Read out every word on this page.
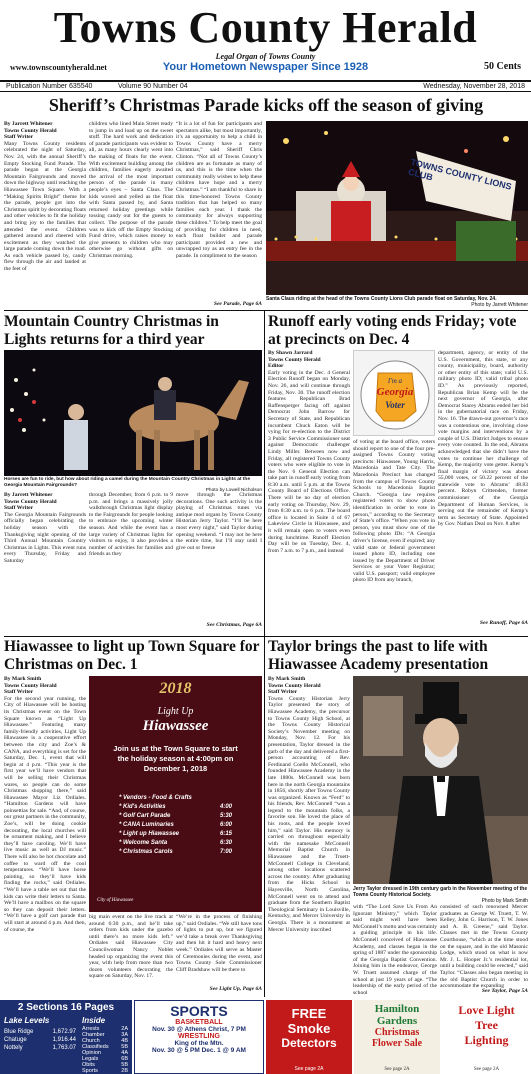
Towns County Herald
Legal Organ of Towns County
www.townscountyherald.net	Your Hometown Newspaper Since 1928	50 Cents
Publication Number 635540	Volume 90 Number 04	Wednesday, November 28, 2018
Sheriff’s Christmas Parade kicks off the season of giving
By Jarrett Whitener
Towns County Herald
Staff Writer
Many Towns County residents celebrated the night of Saturday, Nov. 24, with the annual Sheriff’s Empty Stocking Fund Parade. The parade began at the Georgia Mountain Fairgrounds and moved down the highway until reaching the Hiawassee Town Square. With a “Making Spirits Bright” theme for the parade, people got into the Christmas spirit by decorating floats and other vehicles to fit the holiday and bring joy to the families that attended the event. Children gathered around and cheered with excitement as they watched the large parade coming down the road. As each vehicle passed by, candy flew through the air and landed at the feet of
children who lined Main Street ready to jump in and load up on the sweet stuff. The hard work and dedication of parade participants was evident to all, as many hours clearly went into the making of floats for the event. With excitement building among the children, families eagerly awaited the arrival of the most important person of the parade in many people’s eyes – Santa Claus. The kids waved and yelled as the float with Santa passed by, and Santa returned holiday greetings while tossing candy out for the guests to collect. The purpose of the parade was to kick off the Empty Stocking Fund drive, which raises money to give presents to children who may otherwise go without gifts on Christmas morning.
“It is a lot of fun for participants and spectators alike, but most importantly, it’s an opportunity to help a child in Towns County have a merry Christmas,” said Sheriff Chris Clinton. “Not all of Towns County’s children are as fortunate as many of us, and this is the time when the community really wishes to help these children have hope and a merry Christmas.” “I am thankful to share in this time-honored Towns County tradition that has helped so many families each year. I thank the community for always supporting these children.” To help meet the goal of providing for children in need, each float builder and parade participant provided a new and unwrapped toy as an entry fee in the parade. In compliment to the season
See Parade, Page 6A
TOWNS COUNTY LIONS CLUB
Santa Claus riding at the head of the Towns County Lions Club parade float on Saturday, Nov. 24.
Photo by Jarrett Whitener
Mountain Country Christmas in Lights returns for a third year
Horses are fun to ride, but how about riding a camel during the Mountain Country Christmas in Lights at the Georgia Mountain Fairgrounds?
Photo by Lowell Nicholson
By Jarrett Whitener
Towns County Herald
Staff Writer
The Georgia Mountain Fairgrounds officially began celebrating the holiday season with the Thanksgiving night opening of the Third Annual Mountain Country Christmas in Lights. This event runs every Thursday, Friday and Saturday
through December, from 6 p.m. to 9 p.m. and brings a massively jolly walkthrough Christmas light display to the Fairgrounds for people looking to embrace the upcoming winter season. And while the event has a large variety of Christmas lights for visitors to enjoy, it also provides a number of activities for families and friends as they
move through the Christmas decorations. One such activity is the playing of Christmas tunes via antique mod organs by Towns County Historian Jerry Taylor. “I’ll be here most every night,” said Taylor during opening weekend. “I may not be here the entire time, but I’ll stay until I give out or freeze
See Christmas, Page 6A
Runoff early voting ends Friday; vote at precincts on Dec. 4
By Shawn Jarrard
Towns County Herald
Editor
Early voting in the Dec. 4 General Election Runoff began on Monday, Nov. 26, and will continue through Friday, Nov. 30. The runoff election features Republican Brad Raffensperger facing off against Democrat John Barrow for Secretary of State, and Republican incumbent Chuck Eaton will be vying for re-election to the District 3 Public Service Commissioner seat against Democratic challenger Lindy Miller. Between now and Friday, all registered Towns County voters who were eligible to vote in the Nov. 6 General Election can take part in runoff early voting from 8:30 a.m. until 5 p.m. at the Towns County Board of Elections Office. There will be no day of election early voting on Thursday, Nov. 29, from 8:30 a.m. to 6 p.m. The board office is located in Suite 4 of 67 Lakeview Circle in Hiawassee, and it will remain open to voters even during lunchtime. Runoff Election Day will be on Tuesday, Dec. 4, from 7 a.m. to 7 p.m., and instead
I'm a
Georgia
Voter
of voting at the board office, voters should report to one of the four pre-assigned Towns County voting precincts: Hiawassee, Young Harris, Macedonia and Tate City. The Macedonia Precinct has changed from the campus of Towns County Schools to Macedonia Baptist Church. “Georgia law requires registered voters to show photo identification in order to vote in person,” according to the Secretary of State’s office. “When you vote in person, you must show one of the following photo IDs: “A Georgia driver’s license, even if expired; any valid state or federal government issued photo ID, including one issued by the Department of Driver Services or your Voter Registrar; valid U.S. passport; valid employee photo ID from any branch,
department, agency, or entity of the U.S. Government, this state, or any county, municipality, board, authority or other entity of this state; valid U.S. military photo ID; valid tribal photo ID.” As previously reported, Republican Brian Kemp will be the next governor of Georgia, after Democrat Stacey Abrams ended her bid in the gubernatorial race on Friday, Nov. 16. The drawn-out governor’s race was a contentious one, involving close vote margins and interventions by a couple of U.S. District Judges to ensure every vote counted. In the end, Abrams acknowledged that she didn’t have the votes to continue her challenge of Kemp, the majority vote getter. Kemp’s final margin of victory was about 55,000 votes, or 50.22 percent of the statewide vote to Abrams’ 48.83 percent. Robyn Crittenden, former commissioner of the Georgia Department of Human Services, is serving out the remainder of Kemp’s term as Secretary of State. Appointed by Gov. Nathan Deal on Nov. 8 after
See Runoff, Page 6A
Hiawassee to light up Town Square for Christmas on Dec. 1
By Mark Smith
Towns County Herald
Staff Writer
For the second year running, the City of Hiawassee will be hosting its Christmas event on the Town Square known as “Light Up Hiawassee.” Featuring many family-friendly activities, Light Up Hiawassee is a cooperative effort between the city and Zoe’s & CANA, and everything is set for the Saturday, Dec. 1, event that will begin at 4 p.m. “This year is the first year we’ll have vendors that will be selling their Christmas wares, so people can do some Christmas shopping there,” said Hiawassee Mayor Liz Ordiales. “Hamilton Gardens will have poinsettias for sale. “And, of course, our great partners in the community, Zoe’s, will be doing cookie decorating, the local churches will be ornament making, and I believe they’ll have caroling. We’ll have live music as well as DJ music.” There will also be hot chocolate and coffee to ward off the cool temperatures. “We’ll have horse painting, so they’ll have kids finding the rocks,” said Ordiales. “We’ll have a table set out that the kids can write their letters to Santa. We’ll have a mailbox on the square so they can deposit their letters. “We’ll have a golf cart parade that will start at around 4 p.m. And then, of course, the
2018
Light Up
Hiawassee
Join us at the Town Square to start the holiday season at 4:00pm on December 1, 2018
* Vendors - Food & Crafts
* Kid's Activities	4:00
* Golf Cart Parade	5:30
* CANA Luminaries	6:00
* Light up Hiawassee	6:15
* Welcome Santa	6:30
* Christmas Carols	7:00
City of Hiawassee
big main event on the live track at around 6:30 p.m., and he’ll take orders from kids under the gazebo until there’s no more kids left.” Ordiales said Hiawassee City Councilwoman Nancy Noblet headed up organizing the event this year, with help from more than two dozen volunteers decorating the square on Saturday, Nov. 17.
“We’re in the process of finishing up,” said Ordiales. “We still have tons of lights to put up, but we figured we’d take a break over Thanksgiving and then hit it hard and heavy next week.” Ordiales will serve as Master of Ceremonies during the event, and Towns County Sole Commissioner Cliff Bradshaw will be there to
See Light Up, Page 6A
Taylor brings the past to life with Hiawassee Academy presentation
By Mark Smith
Towns County Herald
Staff Writer
Towns County Historian Jerry Taylor presented the story of Hiawassee Academy, the precursor to Towns County High School, at the Towns County Historical Society’s November meeting on Monday, Nov. 12. For his presentation, Taylor dressed in the garb of the day and delivered a first-person accounting of Rev. Ferdinand Coello McConnell, who founded Hiawassee Academy in the late 1880s. McConnell was born here in the north Georgia mountains in 1856, shortly after Towns County was organized. Known as “Ferd” to his friends, Rev. McConnell “was a legend to the mountain folks, a favorite son. He loved the place of his roots, and the people loved him,” said Taylor. His memory is carried on throughout especially with the namesake McConnell Memorial Baptist Church in Hiawassee and the Truett-McConnell College in Cleveland, among other locations scattered across the country. After graduating from the Hicks School in Hayesville, North Carolina, McConnell went on to attend and graduate from the Southern Baptist Theological Seminary in Louisville, Kentucky, and Mercer University in Georgia. There is a monument at Mercer University inscribed
Jerry Taylor dressed in 19th century garb in the November meeting of the Towns County Historical Society.
Photo by Mark Smith
with “The Lord Save Us From An Ignorant Ministry,” which Taylor said might well have been McConnell’s motto and was certainly a guiding principle in his life. McConnell conceived of Hiawassee Academy, and classes began in the spring of 1887 under the sponsorship of the Georgia Baptist Convention. Joining him in the endeavor, George W. Truett assumed charge of the school at just 19 years of age. “The leadership of the early period of the school
consisted of such renowned Mercer graduates as George W. Truett, T. W. Kelley, John G. Harrison, T. W. Jones and A. B. Greene,” said Taylor. Classes met in the Towns County Courthouse, “which at the time stood on the square, and in the old Masonic Lodge, which stood on what is now Mr. J. L. Hooper Jr.’s residential lot, until a building could be erected,” said Taylor. “Classes also began meeting in the old Baptist Church in order to accommodate the expanding
See Taylor, Page 5A
2 Sections 16 Pages
Lake Levels	Inside
Blue Ridge	1,672.97
Chatuge	1,916.44
Nottely	1,763.07
Arrests	2A
Chamber	3A
Church	4B
Classifieds 5B
Opinion	4A
Legals	6B
Obits	5B
Sports	2B
SPORTS
BASKETBALL
Nov. 30 @ Athens Christ, 7 PM
WRESTLING
King of the Mtn.
Nov. 30 @ 5 PM Dec. 1 @ 9 AM
FREE
Smoke
Detectors
See page 2A
Hamilton
Gardens
Christmas
Flower Sale
See page 2A
Love Light
Tree
Lighting
See page 2A
